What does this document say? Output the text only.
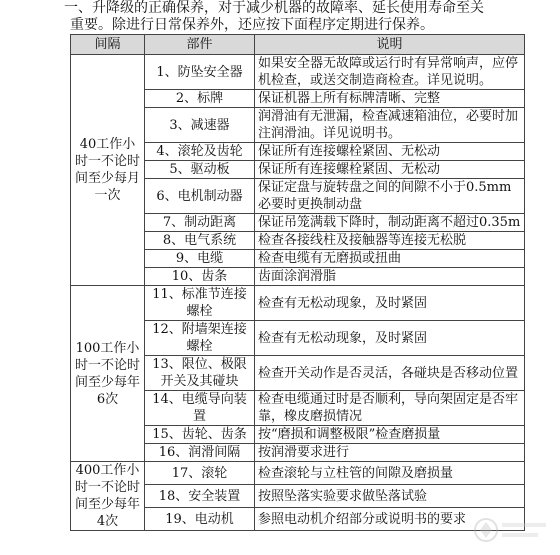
一、升降级的正确保养，对于减少机器的故障率、延长使用寿命至关
重要。除进行日常保养外，还应按下面程序定期进行保养。

间隔	部件	说明
40工作小时一不论时间至少每月一次	1、防坠安全器	如果安全器无故障或运行时有异常响声，应停机检查，或送交制造商检查。详见说明。
	2、标牌	保证机器上所有标牌清晰、完整
	3、减速器	润滑油有无泄漏，检查减速箱油位，必要时加注润滑油。详见说明书。
	4、滚轮及齿轮	保证所有连接螺栓紧固、无松动
	5、驱动板	保证所有连接螺栓紧固、无松动
	6、电机制动器	保证定盘与旋转盘之间的间隙不小于0.5mm必要时更换制动盘
	7、制动距离	保证吊笼满载下降时，制动距离不超过0.35m
	8、电气系统	检查各接线柱及接触器等连接无松脱
	9、电缆	检查电缆有无磨损或扭曲
	10、齿条	齿面涂润滑脂
100工作小时一不论时间至少每年6次	11、标准节连接螺栓	检查有无松动现象，及时紧固
	12、附墙架连接螺栓	检查有无松动现象，及时紧固
	13、限位、极限开关及其碰块	检查开关动作是否灵活，各碰块是否移动位置
	14、电缆导向装置	检查电缆通过时是否顺利，导向架固定是否牢靠，橡皮磨损情况
	15、齿轮、齿条	按“磨损和调整极限”检查磨损量
	16、润滑间隔	按润滑要求进行
400工作小时一不论时间至少每年4次	17、滚轮	检查滚轮与立柱管的间隙及磨损量
	18、安全装置	按照坠落实验要求做坠落试验
	19、电动机	参照电动机介绍部分或说明书的要求
